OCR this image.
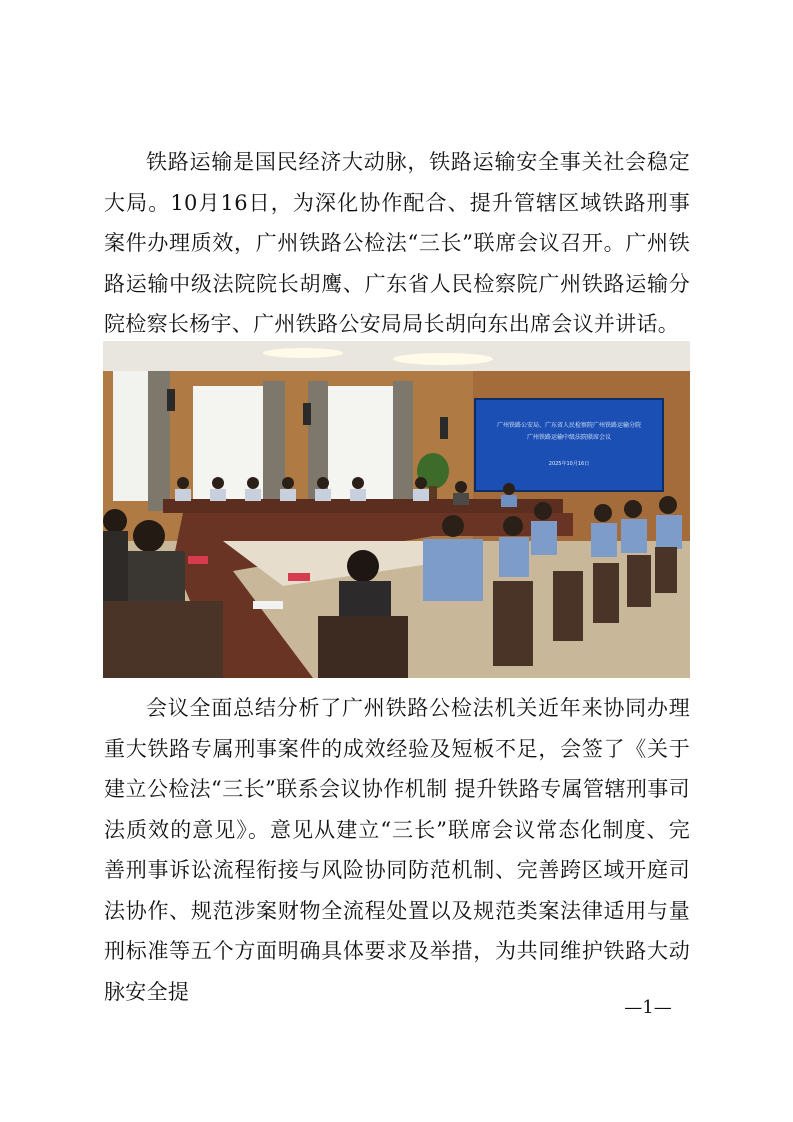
铁路运输是国民经济大动脉，铁路运输安全事关社会稳定大局。10月16日，为深化协作配合、提升管辖区域铁路刑事案件办理质效，广州铁路公检法“三长”联席会议召开。广州铁路运输中级法院院长胡鹰、广东省人民检察院广州铁路运输分院检察长杨宇、广州铁路公安局局长胡向东出席会议并讲话。

广州铁路公安局、广东省人民检察院广州铁路运输分院
广州铁路运输中级法院联席会议
2025年10月16日

会议全面总结分析了广州铁路公检法机关近年来协同办理重大铁路专属刑事案件的成效经验及短板不足，会签了《关于建立公检法“三长”联系会议协作机制 提升铁路专属管辖刑事司法质效的意见》。意见从建立“三长”联席会议常态化制度、完善刑事诉讼流程衔接与风险协同防范机制、完善跨区域开庭司法协作、规范涉案财物全流程处置以及规范类案法律适用与量刑标准等五个方面明确具体要求及举措，为共同维护铁路大动脉安全提

—1—
